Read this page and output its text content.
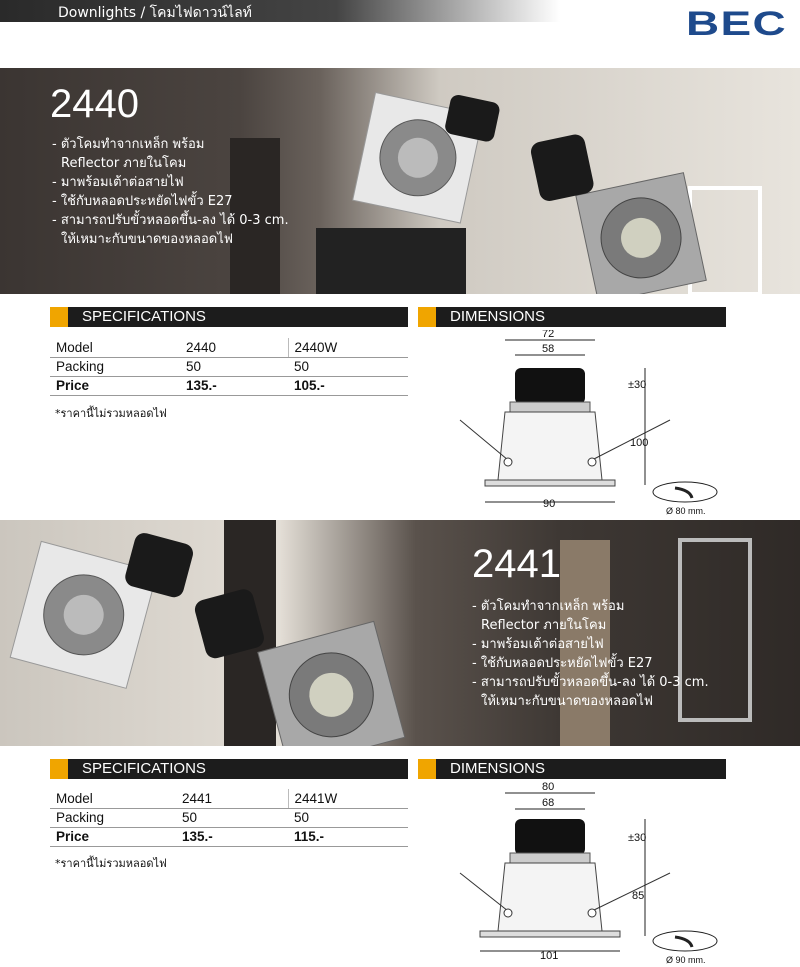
Downlights / โคมไฟดาวน์ไลท์	BEC
2440
- ตัวโคมทำจากเหล็ก พร้อม
Reflector ภายในโคม
- มาพร้อมเต้าต่อสายไฟ
- ใช้กับหลอดประหยัดไฟขั้ว E27
- สามารถปรับขั้วหลอดขึ้น-ลง ได้ 0-3 cm.
ให้เหมาะกับขนาดของหลอดไฟ
SPECIFICATIONS	DIMENSIONS
Model	2440	2440W
Packing	50	50
Price	135.-	105.-
*ราคานี้ไม่รวมหลอดไฟ
72
58
±30
100
90
Ø 80 mm.
2441
- ตัวโคมทำจากเหล็ก พร้อม
Reflector ภายในโคม
- มาพร้อมเต้าต่อสายไฟ
- ใช้กับหลอดประหยัดไฟขั้ว E27
- สามารถปรับขั้วหลอดขึ้น-ลง ได้ 0-3 cm.
ให้เหมาะกับขนาดของหลอดไฟ
SPECIFICATIONS	DIMENSIONS
Model	2441	2441W
Packing	50	50
Price	135.-	115.-
*ราคานี้ไม่รวมหลอดไฟ
80
68
±30
85
101	Ø 90 mm.
